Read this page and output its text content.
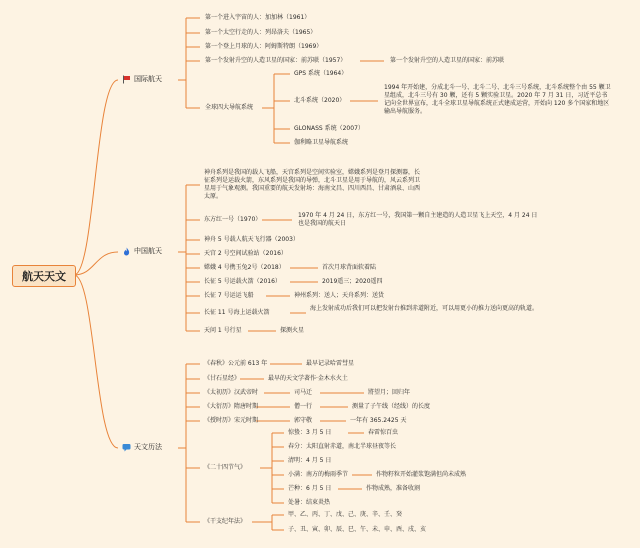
航天天文
国际航天
第一个进入宇宙的人：加加林（1961）
第一个太空行走的人：列昂洛夫（1965）
第一个登上月球的人：阿姆斯特朗（1969）
第一个发射升空的人造卫星的国家：前苏联（1957）	第一个发射升空的人造卫星的国家：前苏联
全球四大导航系统
GPS 系统（1964）
北斗系统（2020）
GLONASS 系统（2007）
伽利略卫星导航系统
1994 年开始建，分成北斗一号、北斗二号、北斗三号系统，北斗系统整个由 55 颗卫星组成，北斗三号有 30 颗，还有 5 颗实验卫星。2020 年 7 月 31 日，习近平总书记向全世界宣布，北斗全球卫星导航系统正式建成运营，开始向 120 多个国家和地区输出导航服务。
中国航天
神舟系列是我国的载人飞船，天宫系列是空间实验室，嫦娥系列是登月探测器，长征系列是运载火箭，东风系列是我国的导弹，北斗卫星是用于导航的，风云系列卫星用于气象观测。我国重要的航天发射场：海南文昌、四川西昌、甘肃酒泉、山西太原。
东方红一号（1970）
1970 年 4 月 24 日，东方红一号，我国第一颗自主建造的人造卫星飞上天空，4 月 24 日也是我国的航天日
神舟 5 号载人航天飞行器（2003）
天宫 2 号空间试验站（2016）
嫦娥 4 号携玉兔2号（2018）	首次月球背面软着陆
长征 5 号运载火箭（2016）	2019遥三；2020遥四
长征 7 号运运飞船	神州系列：送人；天舟系列：送货
长征 11 号海上运载火箭
海上发射成功后我们可以把发射台推到赤道附近，可以用更小的推力送向更高的轨道。
天问 1 号行星	探测火星
天文历法
《春秋》公元前 613 年	最早记录哈雷彗星
《甘石星经》	最早的天文学著作·金木水火土
《太初历》汉武帝时	司马迁	將望月；回归年
《大衍历》隋唐时期	僧一行	测量了子午线（经线）的长度
《授时历》宋元时期	郭守敬	一年有 365.2425 天
《二十四节气》
惊蛰：3 月 5 日	春雷惊百虫
春分：太阳直射赤道，南北半球昼夜等长
清明：4 月 5 日
小满：南方的梅雨季节	作物籽粒开始灌浆饱满但尚未成熟
芒种：6 月 5 日	作物成熟，准备收割
处暑：结束炎热
《干支纪年法》
甲、乙、丙、丁、戊、己、庚、辛、壬、癸
子、丑、寅、卯、辰、巳、午、未、申、酉、戌、亥
